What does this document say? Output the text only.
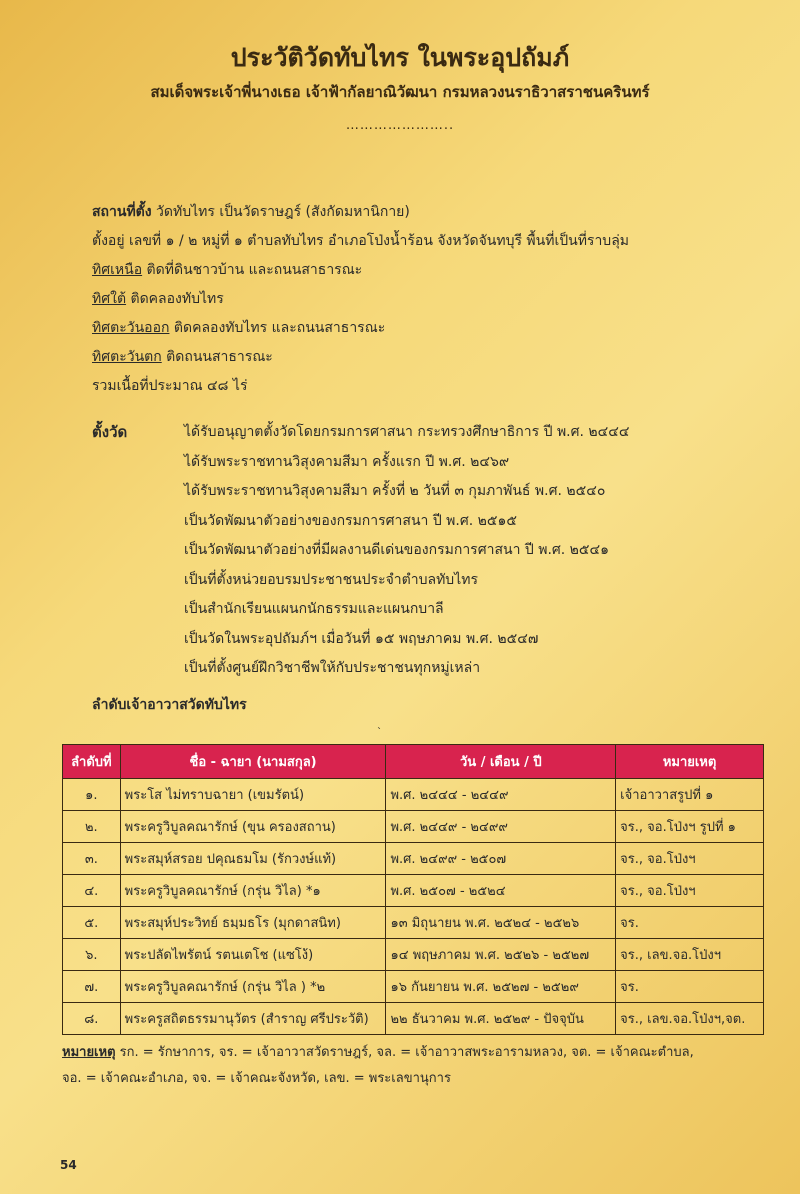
ประวัติวัดทับไทร ในพระอุปถัมภ์
สมเด็จพระเจ้าพี่นางเธอ เจ้าฟ้ากัลยาณิวัฒนา กรมหลวงนราธิวาสราชนครินทร์
…………………..
สถานที่ตั้ง วัดทับไทร เป็นวัดราษฎร์ (สังกัดมหานิกาย)
ตั้งอยู่ เลขที่ ๑ / ๒ หมู่ที่ ๑ ตำบลทับไทร อำเภอโป่งน้ำร้อน จังหวัดจันทบุรี พื้นที่เป็นที่ราบลุ่ม
ทิศเหนือ ติดที่ดินชาวบ้าน และถนนสาธารณะ
ทิศใต้ ติดคลองทับไทร
ทิศตะวันออก ติดคลองทับไทร และถนนสาธารณะ
ทิศตะวันตก ติดถนนสาธารณะ
รวมเนื้อที่ประมาณ ๔๘ ไร่
ตั้งวัด	ได้รับอนุญาตตั้งวัดโดยกรมการศาสนา กระทรวงศึกษาธิการ ปี พ.ศ. ๒๔๔๔
ได้รับพระราชทานวิสุงคามสีมา ครั้งแรก ปี พ.ศ. ๒๔๖๙
ได้รับพระราชทานวิสุงคามสีมา ครั้งที่ ๒ วันที่ ๓ กุมภาพันธ์ พ.ศ. ๒๕๔๐
เป็นวัดพัฒนาตัวอย่างของกรมการศาสนา ปี พ.ศ. ๒๕๑๕
เป็นวัดพัฒนาตัวอย่างที่มีผลงานดีเด่นของกรมการศาสนา ปี พ.ศ. ๒๕๔๑
เป็นที่ตั้งหน่วยอบรมประชาชนประจำตำบลทับไทร
เป็นสำนักเรียนแผนกนักธรรมและแผนกบาลี
เป็นวัดในพระอุปถัมภ์ฯ เมื่อวันที่ ๑๕ พฤษภาคม พ.ศ. ๒๕๔๗
เป็นที่ตั้งศูนย์ฝึกวิชาชีพให้กับประชาชนทุกหมู่เหล่า
ลำดับเจ้าอาวาสวัดทับไทร
ˋ
ลำดับที่	ชื่อ - ฉายา (นามสกุล)	วัน / เดือน / ปี	หมายเหตุ
๑.	พระโส ไม่ทราบฉายา (เขมรัตน์)	พ.ศ. ๒๔๔๔ - ๒๔๔๙	เจ้าอาวาสรูปที่ ๑
๒.	พระครูวิบูลคณารักษ์ (ขุน ครองสถาน)	พ.ศ. ๒๔๔๙ - ๒๔๙๙	จร., จอ.โป่งฯ รูปที่ ๑
๓.	พระสมุห์สรอย ปคุณธมโม (รักวงษ์แท้)	พ.ศ. ๒๔๙๙ - ๒๕๐๗	จร., จอ.โป่งฯ
๔.	พระครูวิบูลคณารักษ์ (กรุ่น วิไล) *๑	พ.ศ. ๒๕๐๗ - ๒๕๒๔	จร., จอ.โป่งฯ
๕.	พระสมุห์ประวิทย์ ธมฺมธโร (มุกดาสนิท)	๑๓ มิถุนายน พ.ศ. ๒๕๒๔ - ๒๕๒๖	จร.
๖.	พระปลัดไพรัตน์ รตนเตโช (แซโง้)	๑๔ พฤษภาคม พ.ศ. ๒๕๒๖ - ๒๕๒๗	จร., เลข.จอ.โป่งฯ
๗.	พระครูวิบูลคณารักษ์ (กรุ่น วิไล ) *๒	๑๖ กันยายน พ.ศ. ๒๕๒๗ - ๒๕๒๙	จร.
๘.	พระครูสถิตธรรมานุวัตร (สำราญ ศรีประวัติ)	๒๒ ธันวาคม พ.ศ. ๒๕๒๙ - ปัจจุบัน	จร., เลข.จอ.โป่งฯ,จต.
หมายเหตุ รก. = รักษาการ, จร. = เจ้าอาวาสวัดราษฎร์, จล. = เจ้าอาวาสพระอารามหลวง, จต. = เจ้าคณะตำบล,
จอ. = เจ้าคณะอำเภอ, จจ. = เจ้าคณะจังหวัด, เลข. = พระเลขานุการ
54
